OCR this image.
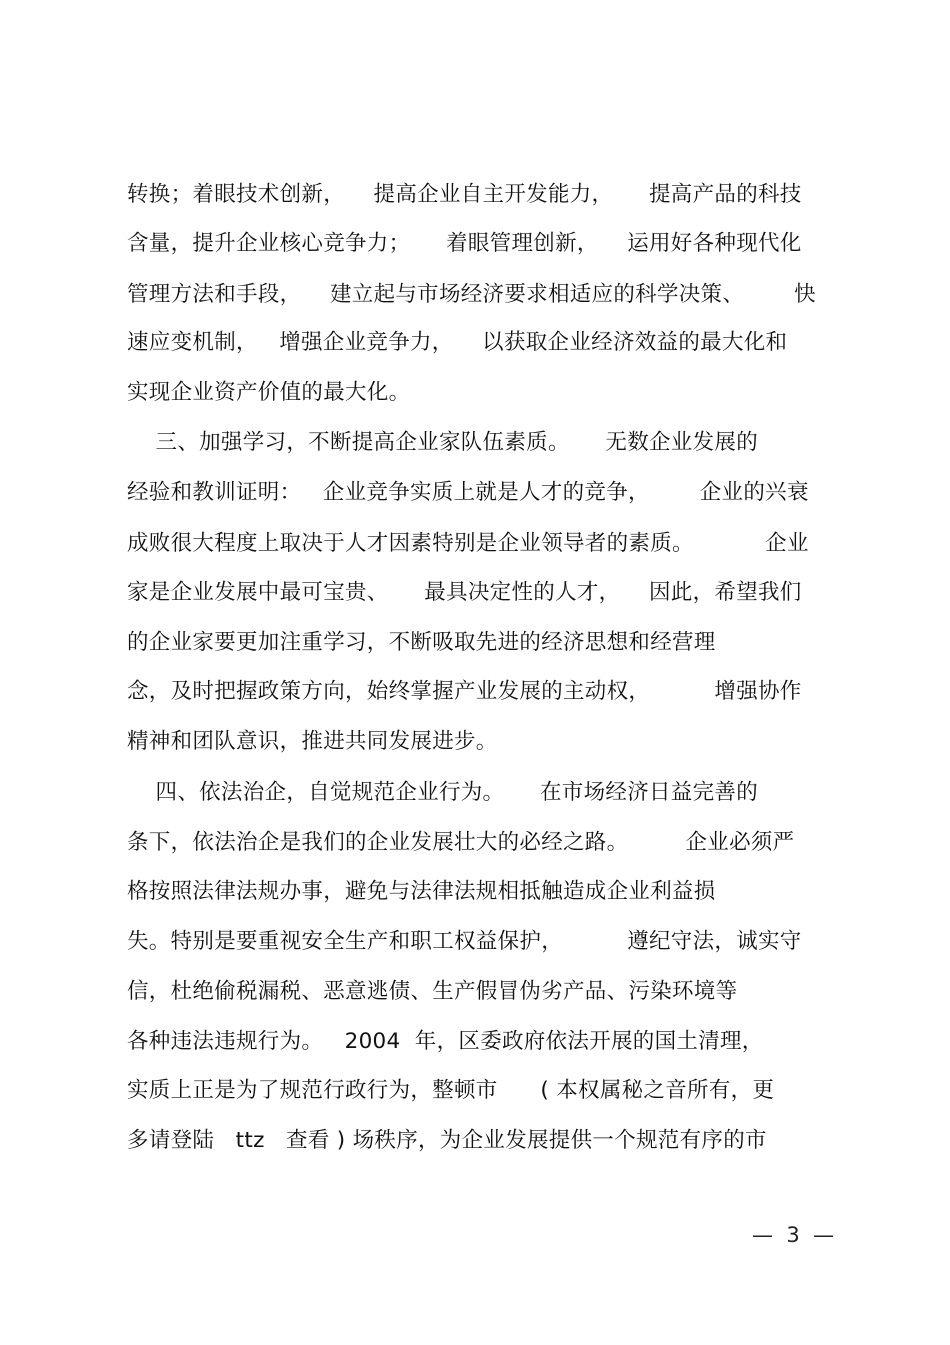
转换；着眼技术创新，    提高企业自主开发能力，     提高产品的科技
含量，提升企业核心竞争力；     着眼管理创新，    运用好各种现代化
管理方法和手段，    建立起与市场经济要求相适应的科学决策、       快
速应变机制，   增强企业竞争力，    以获取企业经济效益的最大化和
实现企业资产价值的最大化。
三、加强学习，不断提高企业家队伍素质。     无数企业发展的
经验和教训证明：   企业竞争实质上就是人才的竞争，       企业的兴衰
成败很大程度上取决于人才因素特别是企业领导者的素质。          企业
家是企业发展中最可宝贵、     最具决定性的人才，    因此，希望我们
的企业家要更加注重学习，不断吸取先进的经济思想和经营理
念，及时把握政策方向，始终掌握产业发展的主动权，         增强协作
精神和团队意识，推进共同发展进步。
四、依法治企，自觉规范企业行为。     在市场经济日益完善的
条下，依法治企是我们的企业发展壮大的必经之路。        企业必须严
格按照法律法规办事，避免与法律法规相抵触造成企业利益损
失。特别是要重视安全生产和职工权益保护，         遵纪守法，诚实守
信，杜绝偷税漏税、恶意逃债、生产假冒伪劣产品、污染环境等
各种违法违规行为。   2004  年，区委政府依法开展的国土清理，
实质上正是为了规范行政行为，整顿市      ( 本权属秘之音所有，更
多请登陆   ttz   查看 ) 场秩序，为企业发展提供一个规范有序的市
—  3  —
